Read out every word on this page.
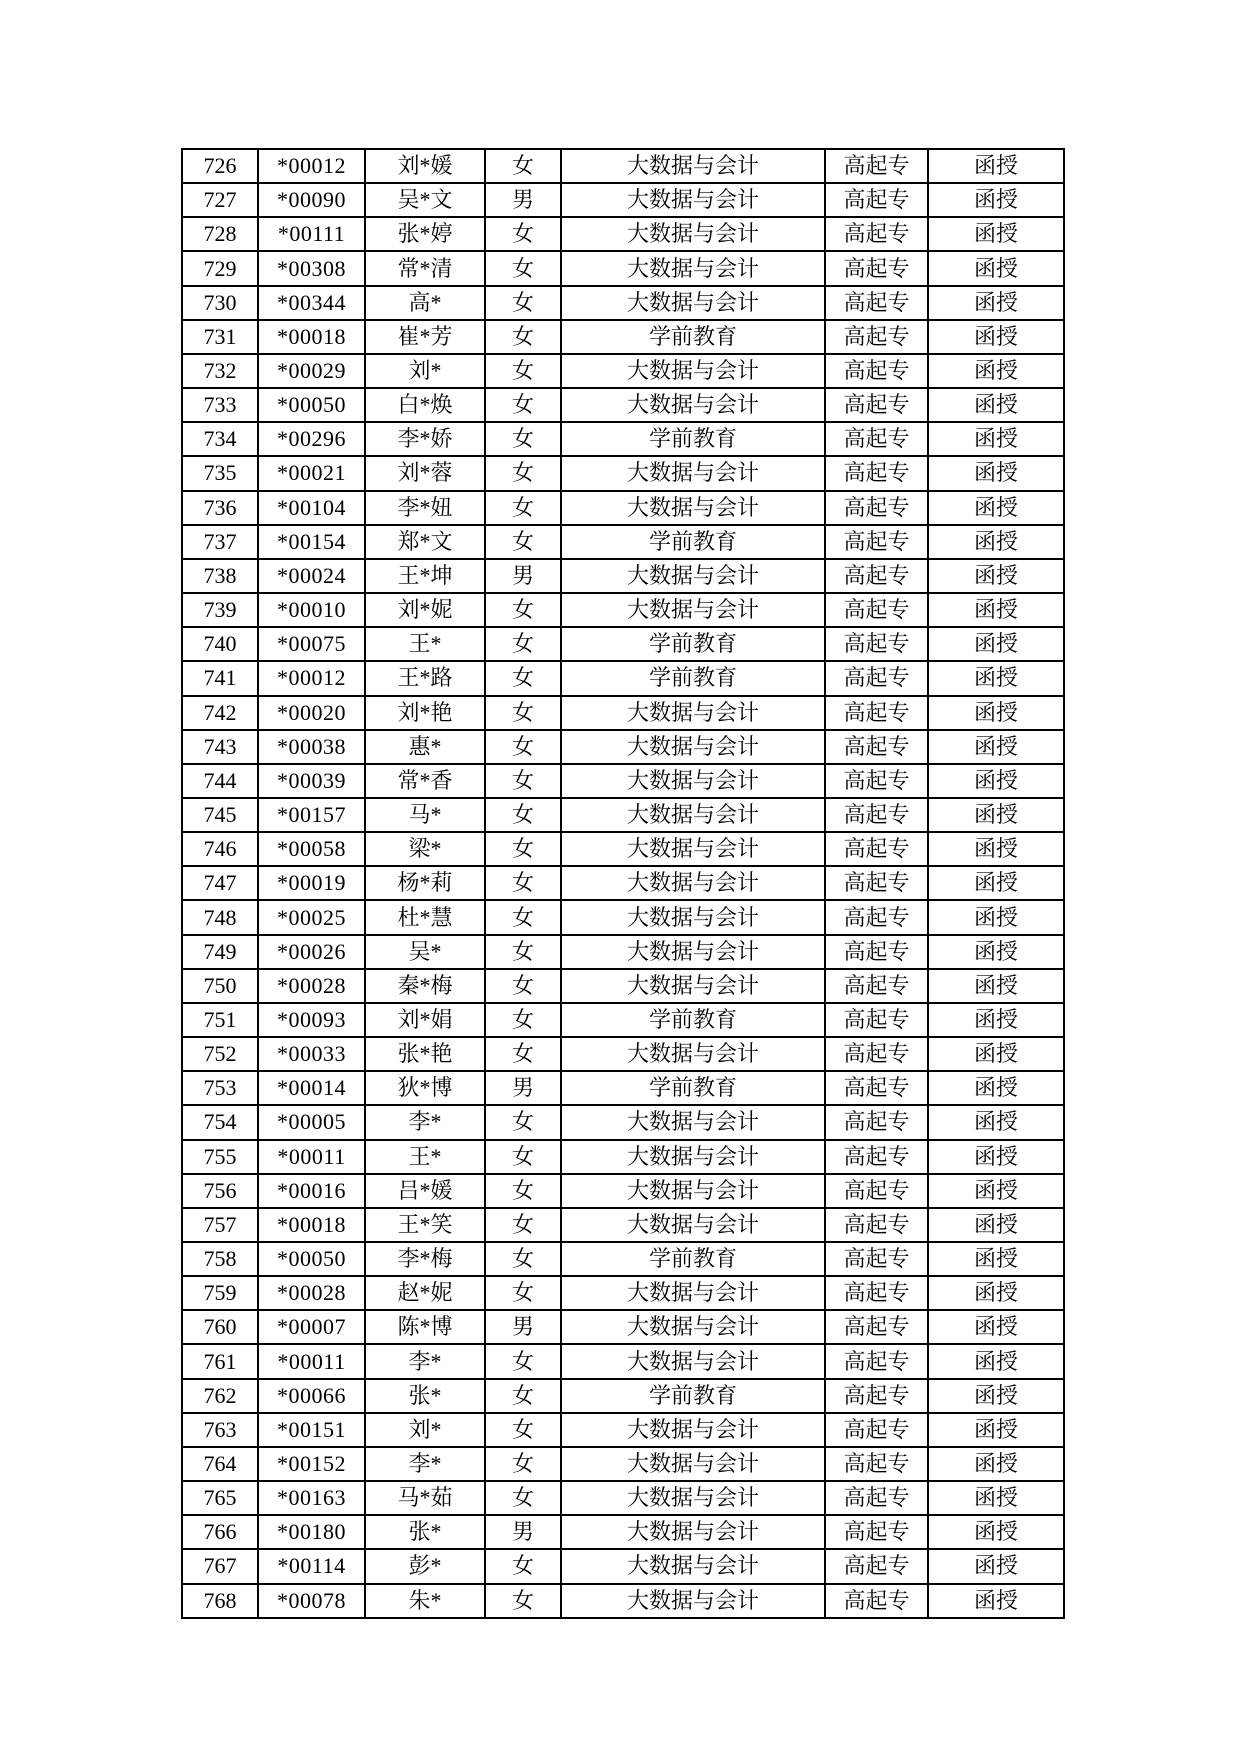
726	*00012	刘*媛	女	大数据与会计	高起专	函授
727	*00090	吴*文	男	大数据与会计	高起专	函授
728	*00111	张*婷	女	大数据与会计	高起专	函授
729	*00308	常*清	女	大数据与会计	高起专	函授
730	*00344	高*	女	大数据与会计	高起专	函授
731	*00018	崔*芳	女	学前教育	高起专	函授
732	*00029	刘*	女	大数据与会计	高起专	函授
733	*00050	白*焕	女	大数据与会计	高起专	函授
734	*00296	李*娇	女	学前教育	高起专	函授
735	*00021	刘*蓉	女	大数据与会计	高起专	函授
736	*00104	李*妞	女	大数据与会计	高起专	函授
737	*00154	郑*文	女	学前教育	高起专	函授
738	*00024	王*坤	男	大数据与会计	高起专	函授
739	*00010	刘*妮	女	大数据与会计	高起专	函授
740	*00075	王*	女	学前教育	高起专	函授
741	*00012	王*路	女	学前教育	高起专	函授
742	*00020	刘*艳	女	大数据与会计	高起专	函授
743	*00038	惠*	女	大数据与会计	高起专	函授
744	*00039	常*香	女	大数据与会计	高起专	函授
745	*00157	马*	女	大数据与会计	高起专	函授
746	*00058	梁*	女	大数据与会计	高起专	函授
747	*00019	杨*莉	女	大数据与会计	高起专	函授
748	*00025	杜*慧	女	大数据与会计	高起专	函授
749	*00026	吴*	女	大数据与会计	高起专	函授
750	*00028	秦*梅	女	大数据与会计	高起专	函授
751	*00093	刘*娟	女	学前教育	高起专	函授
752	*00033	张*艳	女	大数据与会计	高起专	函授
753	*00014	狄*博	男	学前教育	高起专	函授
754	*00005	李*	女	大数据与会计	高起专	函授
755	*00011	王*	女	大数据与会计	高起专	函授
756	*00016	吕*媛	女	大数据与会计	高起专	函授
757	*00018	王*笑	女	大数据与会计	高起专	函授
758	*00050	李*梅	女	学前教育	高起专	函授
759	*00028	赵*妮	女	大数据与会计	高起专	函授
760	*00007	陈*博	男	大数据与会计	高起专	函授
761	*00011	李*	女	大数据与会计	高起专	函授
762	*00066	张*	女	学前教育	高起专	函授
763	*00151	刘*	女	大数据与会计	高起专	函授
764	*00152	李*	女	大数据与会计	高起专	函授
765	*00163	马*茹	女	大数据与会计	高起专	函授
766	*00180	张*	男	大数据与会计	高起专	函授
767	*00114	彭*	女	大数据与会计	高起专	函授
768	*00078	朱*	女	大数据与会计	高起专	函授
